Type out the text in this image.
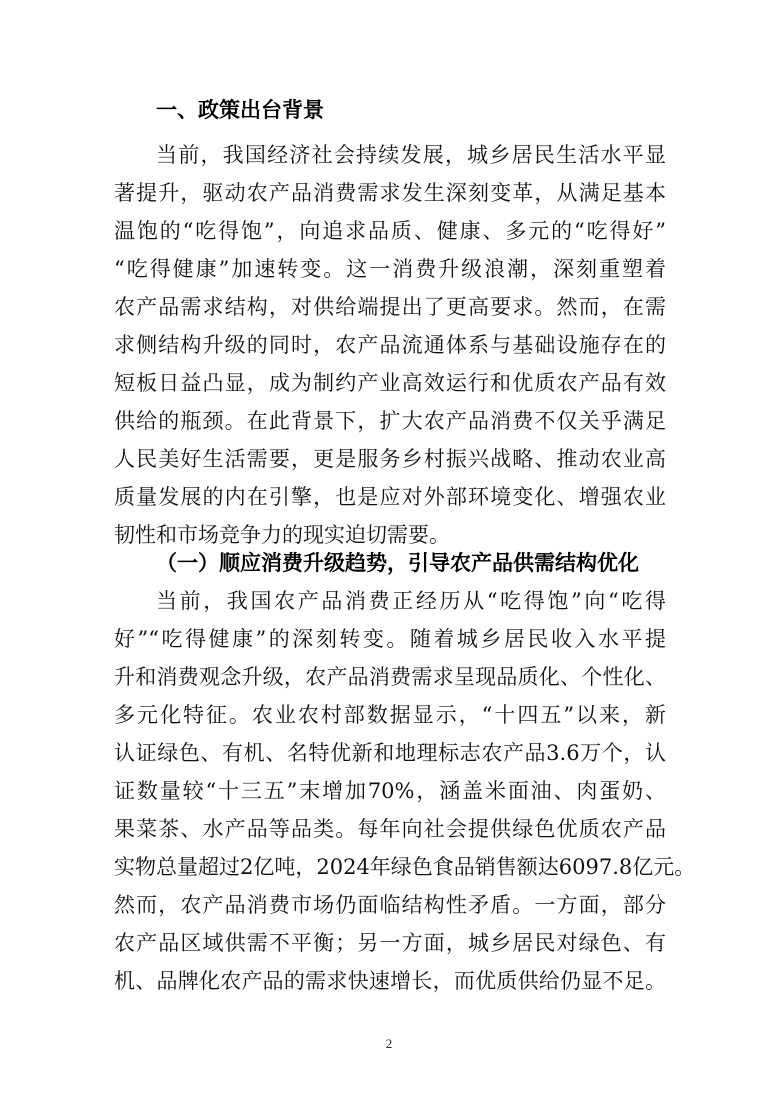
一、政策出台背景
当前，我国经济社会持续发展，城乡居民生活水平显
著提升，驱动农产品消费需求发生深刻变革，从满足基本
温饱的“吃得饱”，向追求品质、健康、多元的“吃得好”
“吃得健康”加速转变。这一消费升级浪潮，深刻重塑着
农产品需求结构，对供给端提出了更高要求。然而，在需
求侧结构升级的同时，农产品流通体系与基础设施存在的
短板日益凸显，成为制约产业高效运行和优质农产品有效
供给的瓶颈。在此背景下，扩大农产品消费不仅关乎满足
人民美好生活需要，更是服务乡村振兴战略、推动农业高
质量发展的内在引擎，也是应对外部环境变化、增强农业
韧性和市场竞争力的现实迫切需要。
（一）顺应消费升级趋势，引导农产品供需结构优化
当前，我国农产品消费正经历从“吃得饱”向“吃得
好”“吃得健康”的深刻转变。随着城乡居民收入水平提
升和消费观念升级，农产品消费需求呈现品质化、个性化、
多元化特征。农业农村部数据显示，“十四五”以来，新
认证绿色、有机、名特优新和地理标志农产品3.6万个，认
证数量较“十三五”末增加70%，涵盖米面油、肉蛋奶、
果菜茶、水产品等品类。每年向社会提供绿色优质农产品
实物总量超过2亿吨，2024年绿色食品销售额达6097.8亿元。
然而，农产品消费市场仍面临结构性矛盾。一方面，部分
农产品区域供需不平衡；另一方面，城乡居民对绿色、有
机、品牌化农产品的需求快速增长，而优质供给仍显不足。
2
